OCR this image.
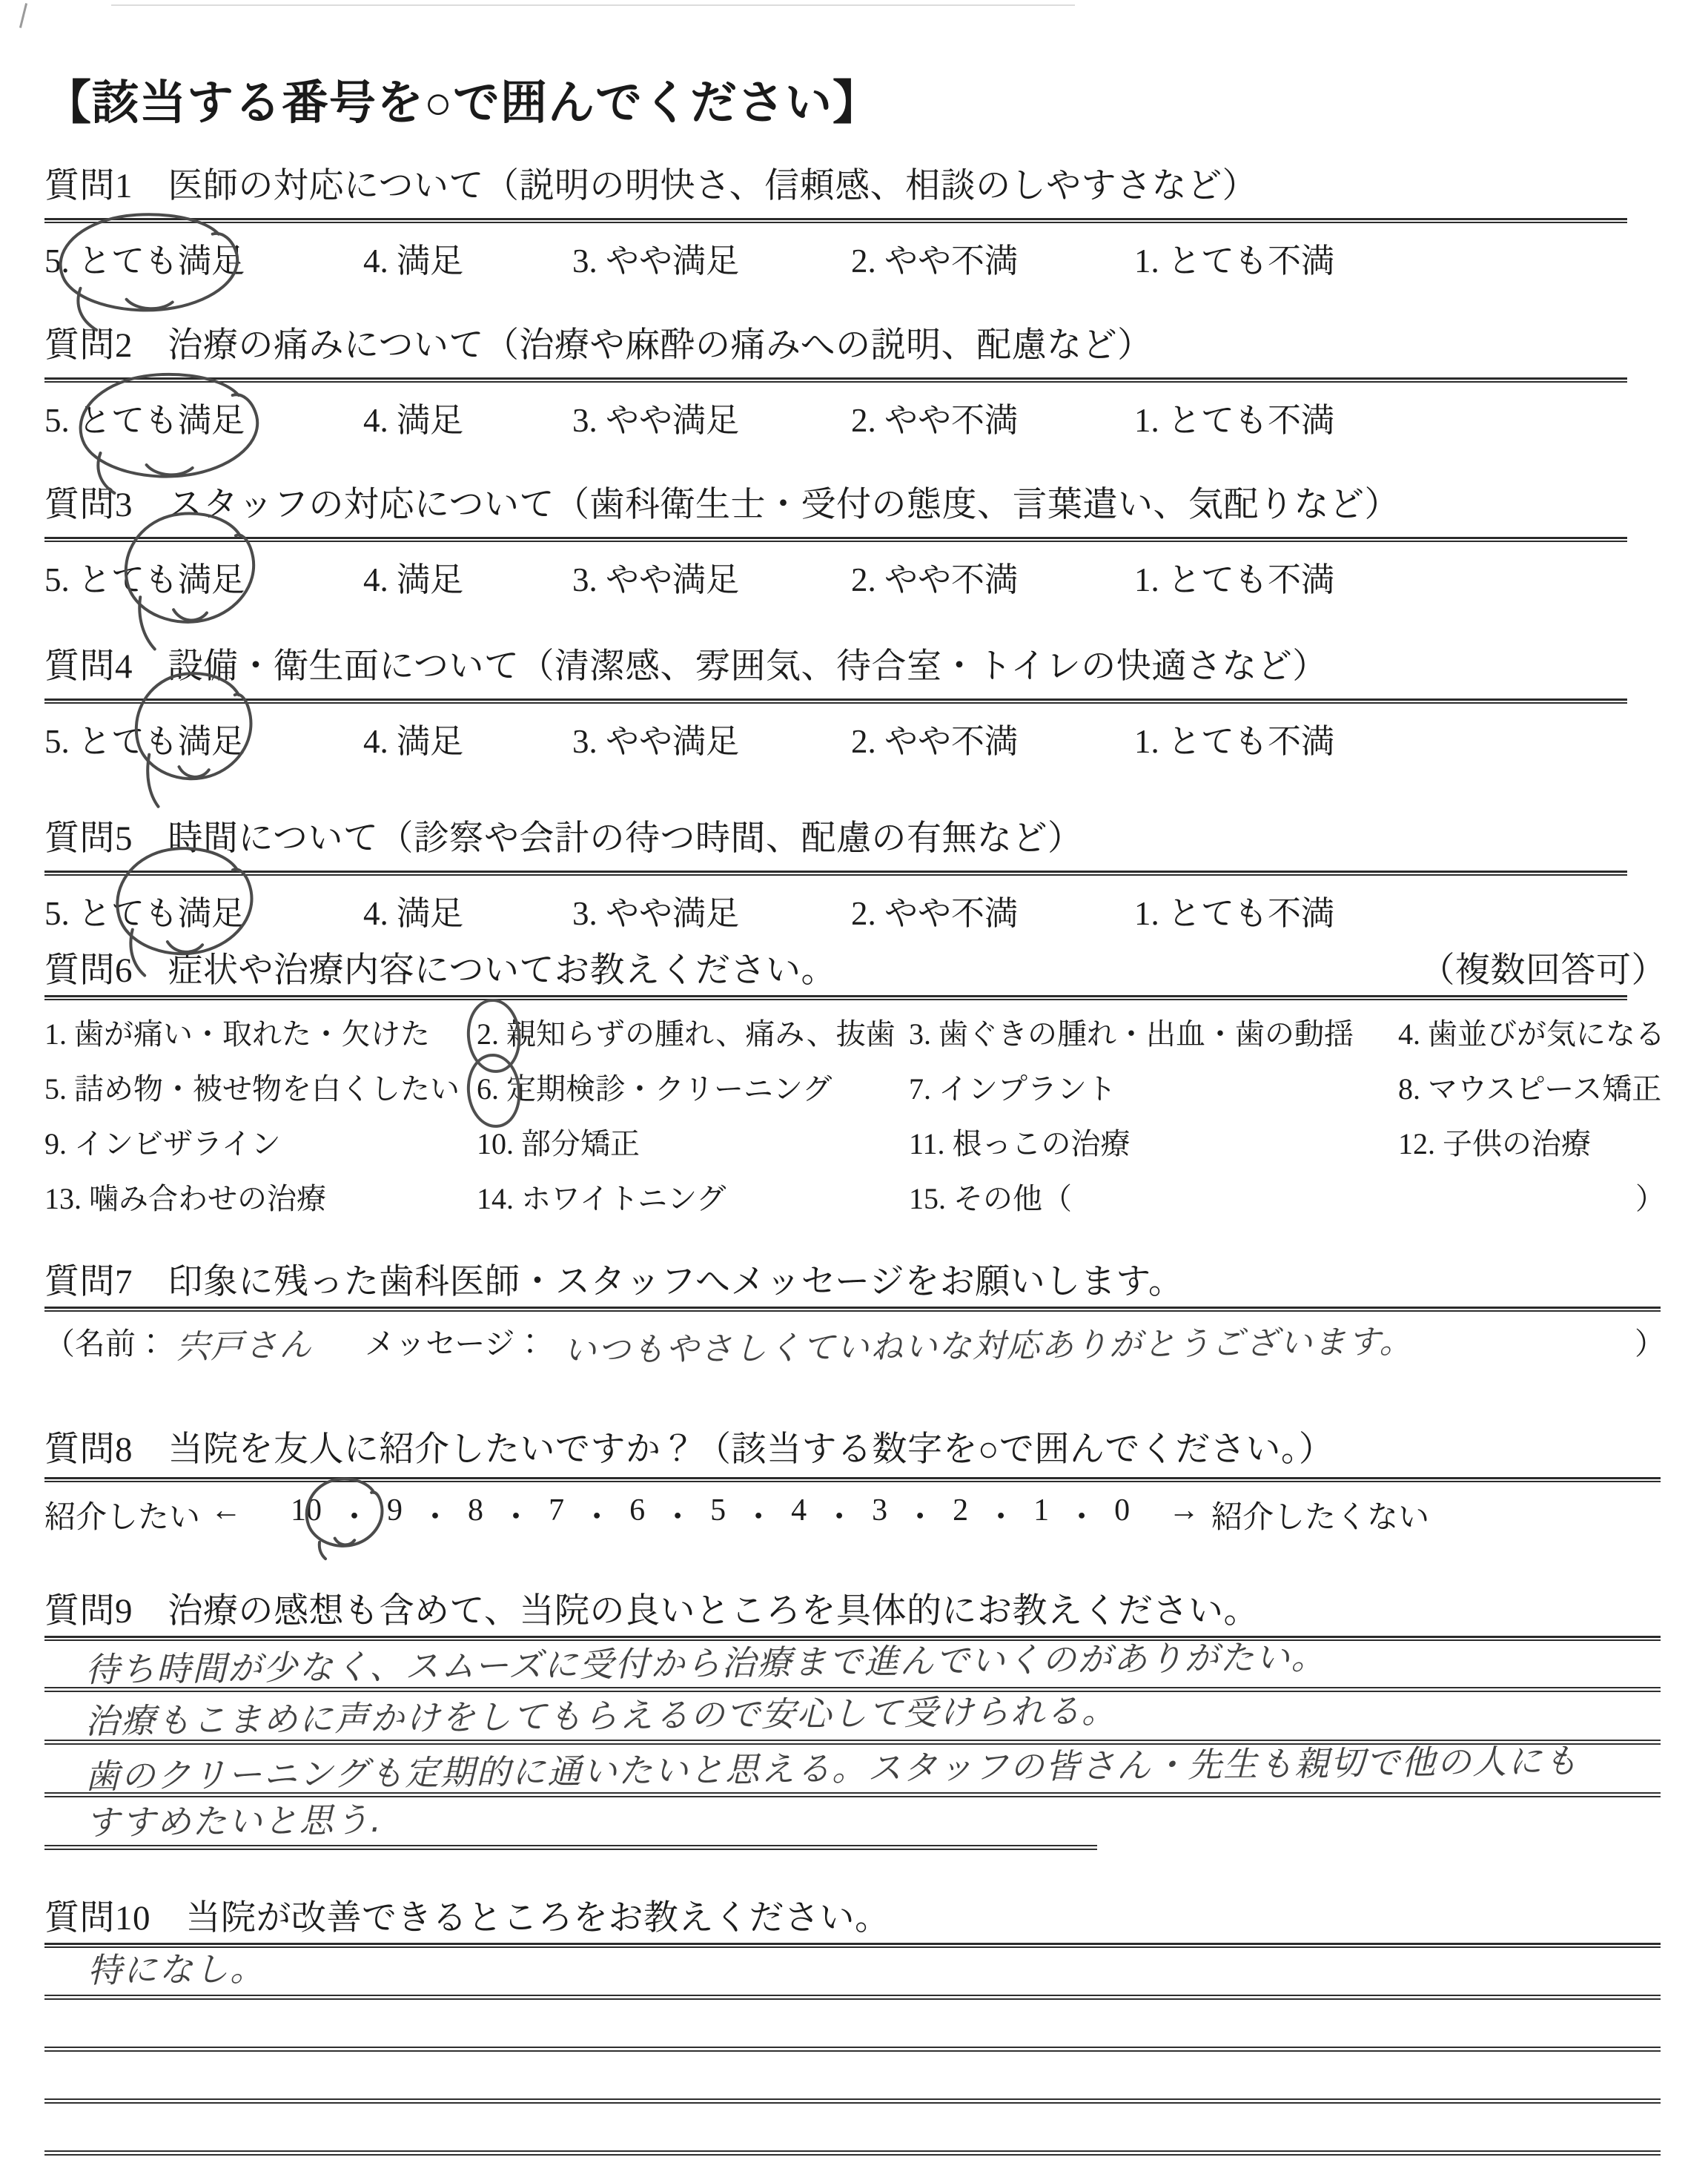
【該当する番号を○で囲んでください】
質問1　医師の対応について（説明の明快さ、信頼感、相談のしやすさなど）
5. とても満足	4. 満足	3. やや満足	2. やや不満	1. とても不満
質問2　治療の痛みについて（治療や麻酔の痛みへの説明、配慮など）
5. とても満足	4. 満足	3. やや満足	2. やや不満	1. とても不満
質問3　スタッフの対応について（歯科衛生士・受付の態度、言葉遣い、気配りなど）
5. とても満足	4. 満足	3. やや満足	2. やや不満	1. とても不満
質問4　設備・衛生面について（清潔感、雰囲気、待合室・トイレの快適さなど）
5. とても満足	4. 満足	3. やや満足	2. やや不満	1. とても不満
質問5　時間について（診察や会計の待つ時間、配慮の有無など）
5. とても満足	4. 満足	3. やや満足	2. やや不満	1. とても不満
質問6　症状や治療内容についてお教えください。	（複数回答可）
1. 歯が痛い・取れた・欠けた 2. 親知らずの腫れ、痛み、抜歯 3. 歯ぐきの腫れ・出血・歯の動揺 4. 歯並びが気になる
5. 詰め物・被せ物を白くしたい 6. 定期検診・クリーニング	7. インプラント	8. マウスピース矯正
9. インビザライン	10. 部分矯正	11. 根っこの治療	12. 子供の治療
13. 噛み合わせの治療	14. ホワイトニング	15. その他（	）
質問7　印象に残った歯科医師・スタッフへメッセージをお願いします。
（名前： 宍戸さん メッセージ： いつもやさしくていねいな対応ありがとうございます。	）
質問8　当院を友人に紹介したいですか？（該当する数字を○で囲んでください。）
紹介したい ← 10 ・ 9 ・ 8 ・ 7 ・ 6 ・ 5 ・ 4 ・ 3 ・ 2 ・ 1 ・ 0 → 紹介したくない
質問9　治療の感想も含めて、当院の良いところを具体的にお教えください。
待ち時間が少なく、スムーズに受付から治療まで進んでいくのがありがたい。
治療もこまめに声かけをしてもらえるので安心して受けられる。
歯のクリーニングも定期的に通いたいと思える。スタッフの皆さん・先生も親切で他の人にも
すすめたいと思う.
質問10　当院が改善できるところをお教えください。
特になし。
